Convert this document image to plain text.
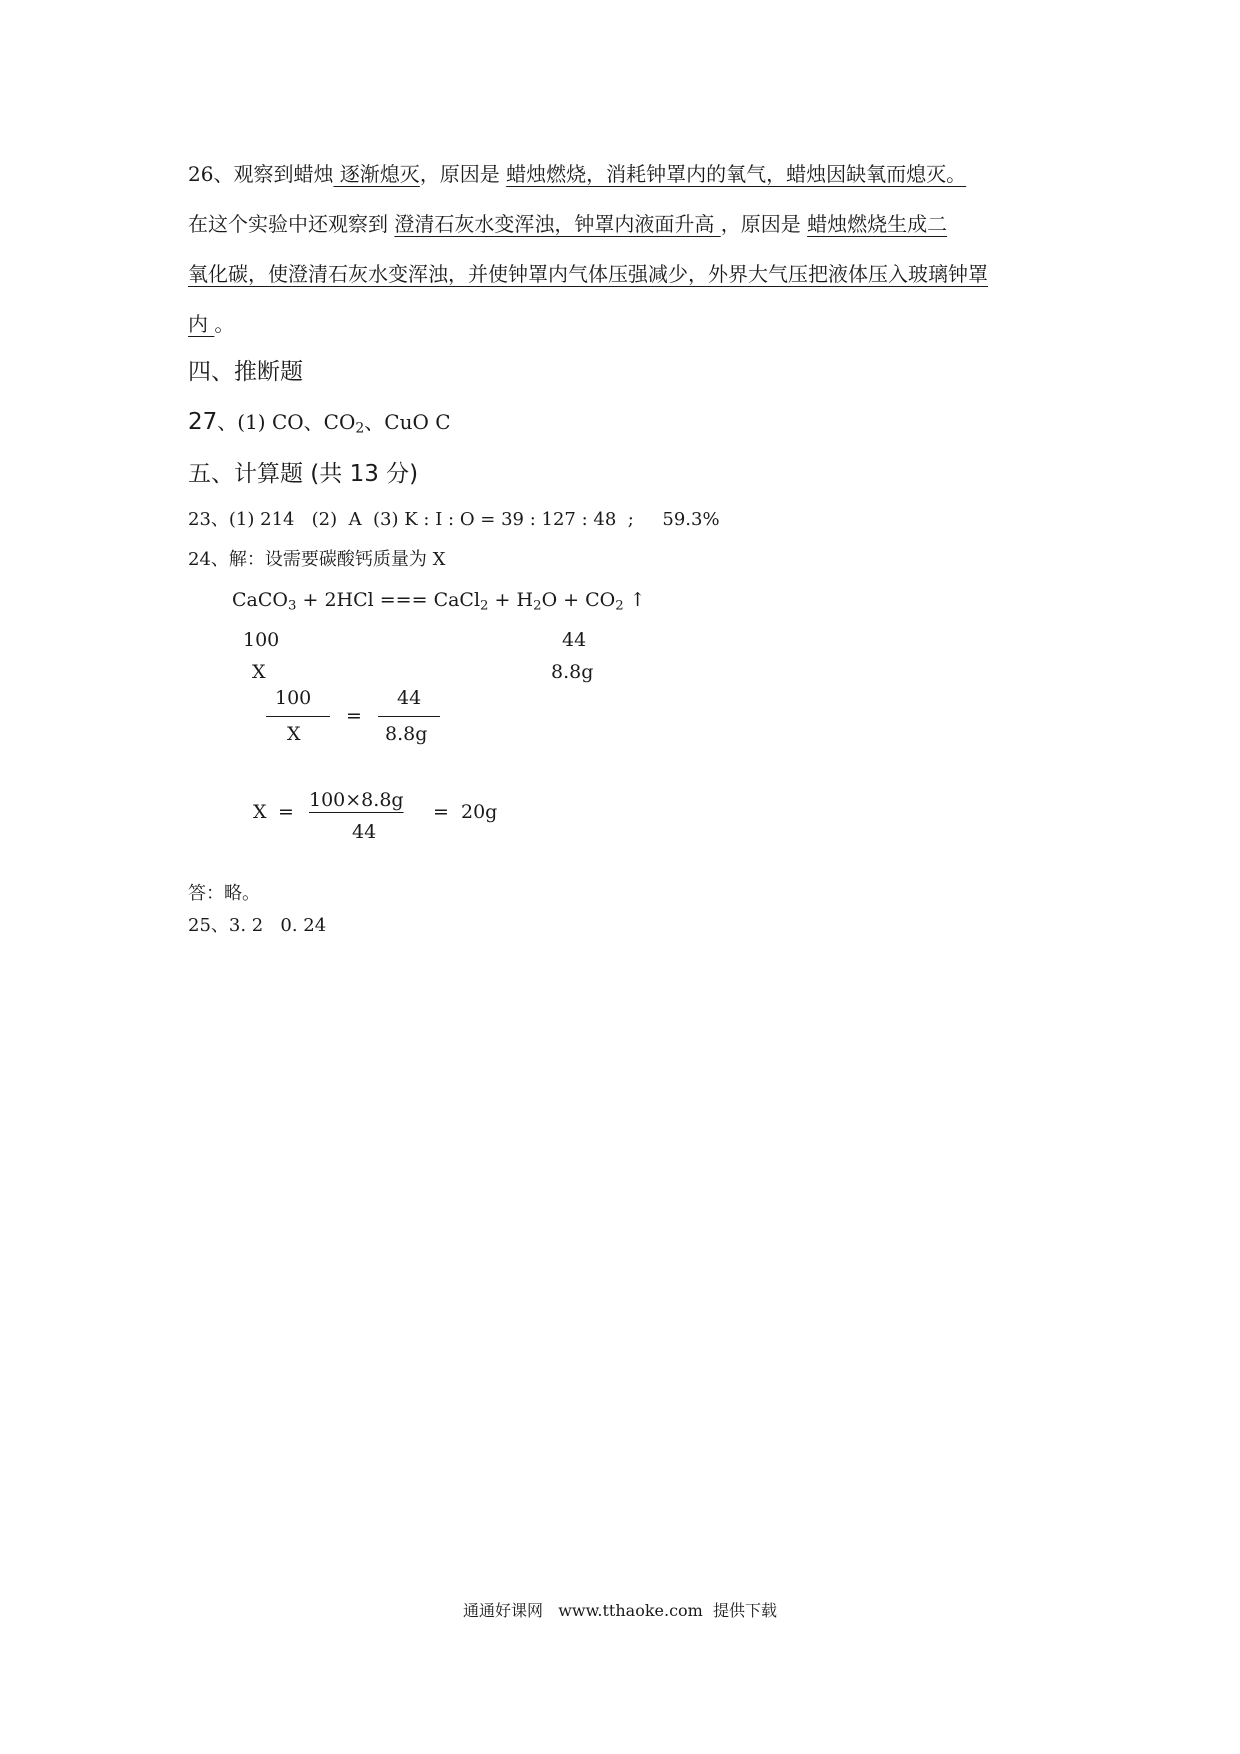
26、观察到蜡烛 逐渐熄灭，原因是 蜡烛燃烧，消耗钟罩内的氧气，蜡烛因缺氧而熄灭。
在这个实验中还观察到 澄清石灰水变浑浊，钟罩内液面升高 ，原因是 蜡烛燃烧生成二
氧化碳，使澄清石灰水变浑浊，并使钟罩内气体压强减少，外界大气压把液体压入玻璃钟罩
内 。
四、推断题
27、(1) CO、$CO_2$、CuO C
五、计算题 (共 13 分)
23、(1) 214   (2)  A  (3) K : I : O = 39 : 127 : 48  ;     59.3%
24、解：设需要碳酸钙质量为 X
CaCO$_3$ + 2HCl === CaCl$_2$ + $H_2O + CO_2$ ↑
100	44
X	8.8g
100
X
=
44
8.8g
X =
100×8.8g
44
= 20g
答：略。
25、3. 2   0. 24
通通好课网   www.tthaoke.com  提供下载
